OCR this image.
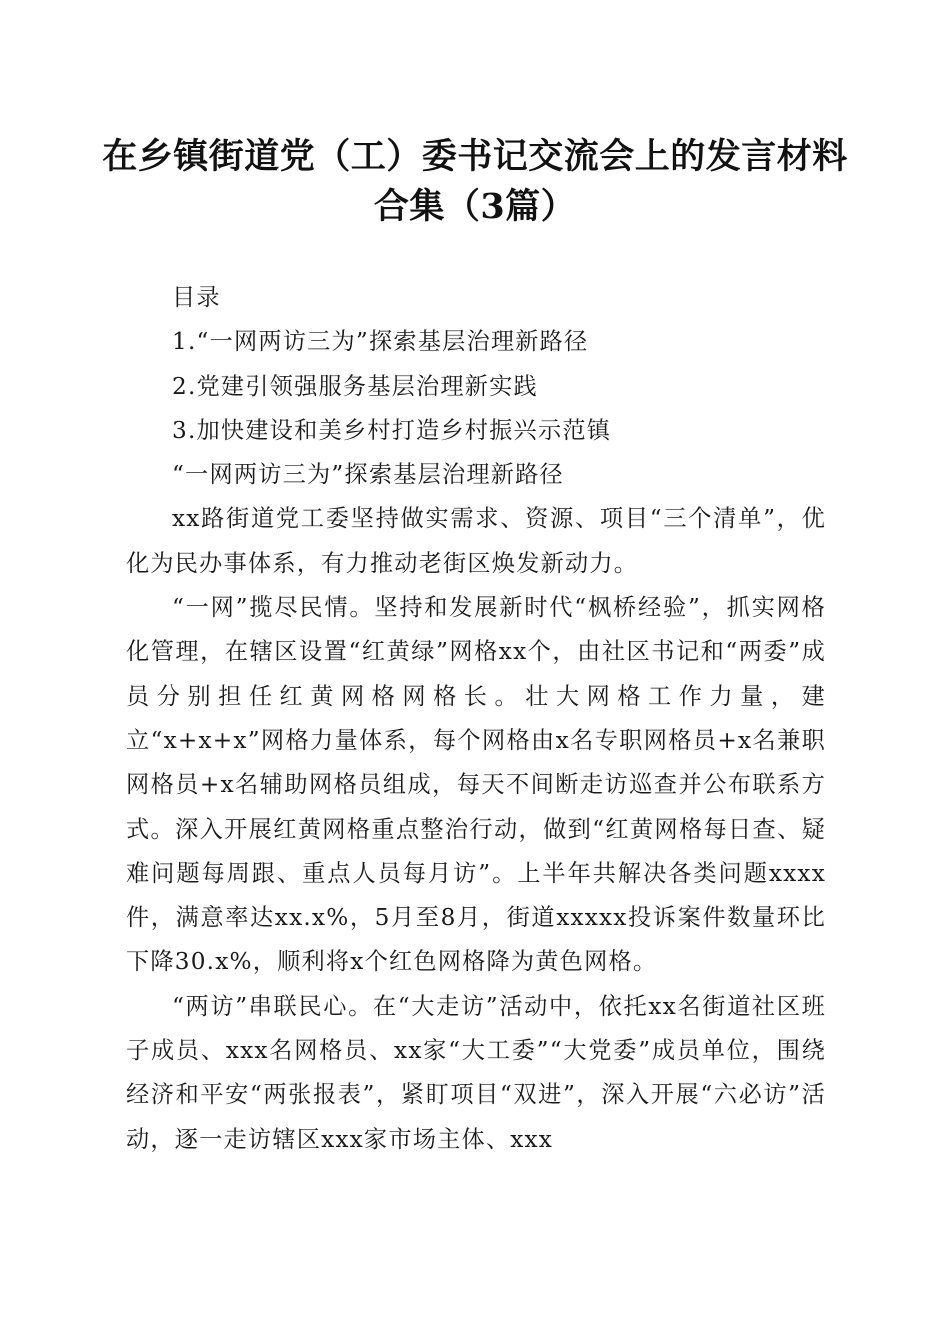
在乡镇街道党（工）委书记交流会上的发言材料合集（3篇）

目录

1.“一网两访三为”探索基层治理新路径

2.党建引领强服务基层治理新实践

3.加快建设和美乡村打造乡村振兴示范镇

“一网两访三为”探索基层治理新路径

xx路街道党工委坚持做实需求、资源、项目“三个清单”，优化为民办事体系，有力推动老街区焕发新动力。

“一网”揽尽民情。坚持和发展新时代“枫桥经验”，抓实网格化管理，在辖区设置“红黄绿”网格xx个，由社区书记和“两委”成员分别担任红黄网格网格长。壮大网格工作力量，建立“x+x+x”网格力量体系，每个网格由x名专职网格员+x名兼职网格员+x名辅助网格员组成，每天不间断走访巡查并公布联系方式。深入开展红黄网格重点整治行动，做到“红黄网格每日查、疑难问题每周跟、重点人员每月访”。上半年共解决各类问题xxxx件，满意率达xx.x%，5月至8月，街道xxxxx投诉案件数量环比下降30.x%，顺利将x个红色网格降为黄色网格。

“两访”串联民心。在“大走访”活动中，依托xx名街道社区班子成员、xxx名网格员、xx家“大工委”“大党委”成员单位，围绕经济和平安“两张报表”，紧盯项目“双进”，深入开展“六必访”活动，逐一走访辖区xxx家市场主体、xxx
